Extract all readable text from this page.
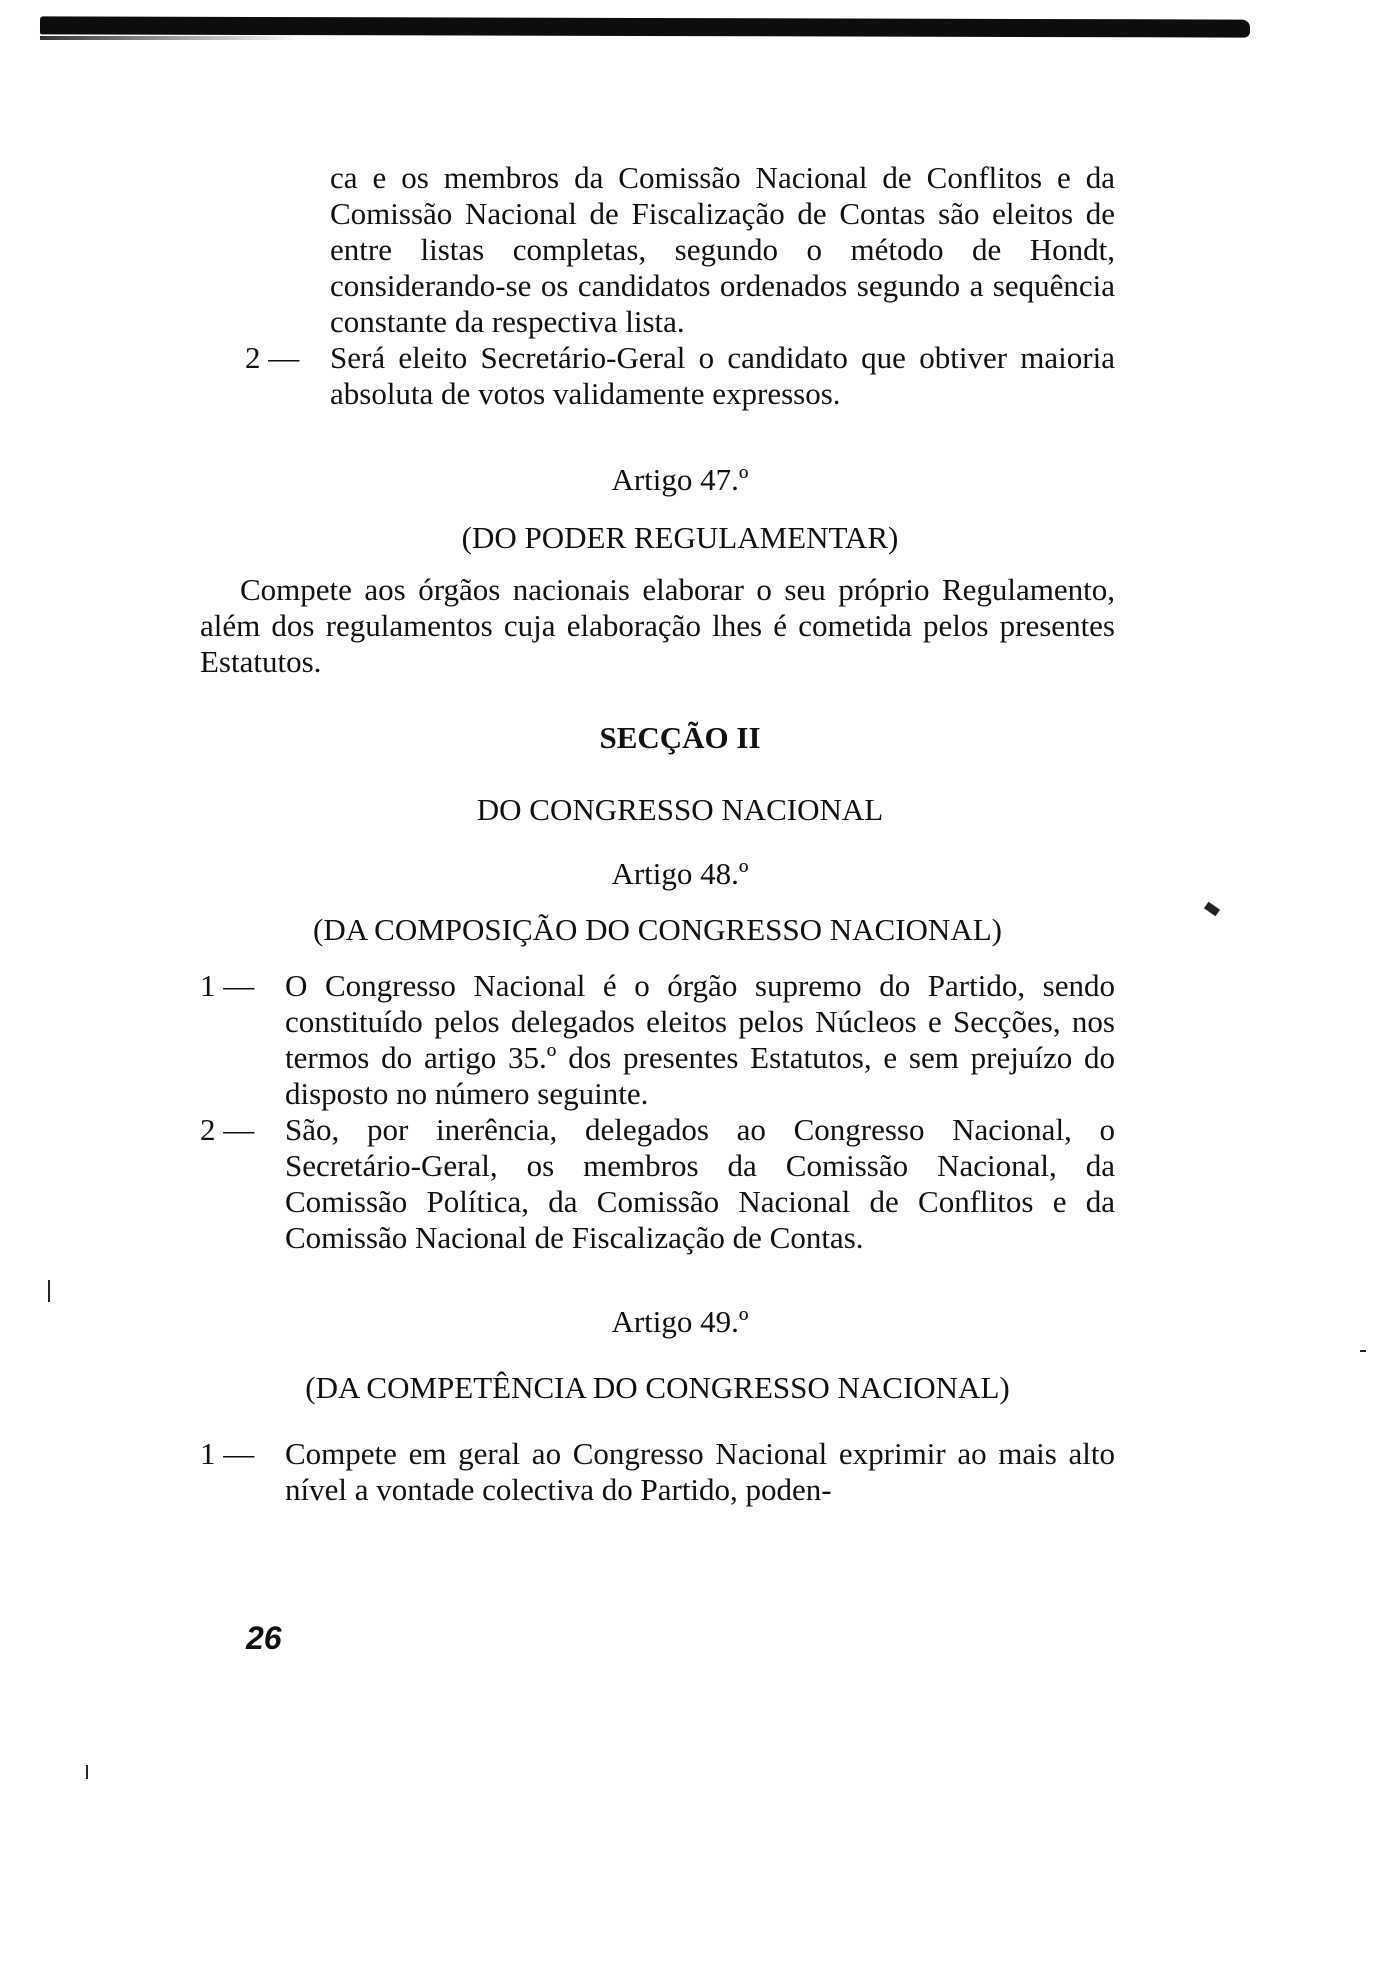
ca e os membros da Comissão Nacional de Conflitos e da Comissão Nacional de Fiscalização de Contas são eleitos de entre listas completas, segundo o método de Hondt, considerando-se os candidatos ordenados segundo a sequência constante da respectiva lista.

2 — Será eleito Secretário-Geral o candidato que obtiver maioria absoluta de votos validamente expressos.

Artigo 47.º

(DO PODER REGULAMENTAR)

Compete aos órgãos nacionais elaborar o seu próprio Regulamento, além dos regulamentos cuja elaboração lhes é cometida pelos presentes Estatutos.

SECÇÃO II

DO CONGRESSO NACIONAL

Artigo 48.º

(DA COMPOSIÇÃO DO CONGRESSO NACIONAL)

1 — O Congresso Nacional é o órgão supremo do Partido, sendo constituído pelos delegados eleitos pelos Núcleos e Secções, nos termos do artigo 35.º dos presentes Estatutos, e sem prejuízo do disposto no número seguinte.
2 — São, por inerência, delegados ao Congresso Nacional, o Secretário-Geral, os membros da Comissão Nacional, da Comissão Política, da Comissão Nacional de Conflitos e da Comissão Nacional de Fiscalização de Contas.

Artigo 49.º

(DA COMPETÊNCIA DO CONGRESSO NACIONAL)

1 — Compete em geral ao Congresso Nacional exprimir ao mais alto nível a vontade colectiva do Partido, poden-
26
